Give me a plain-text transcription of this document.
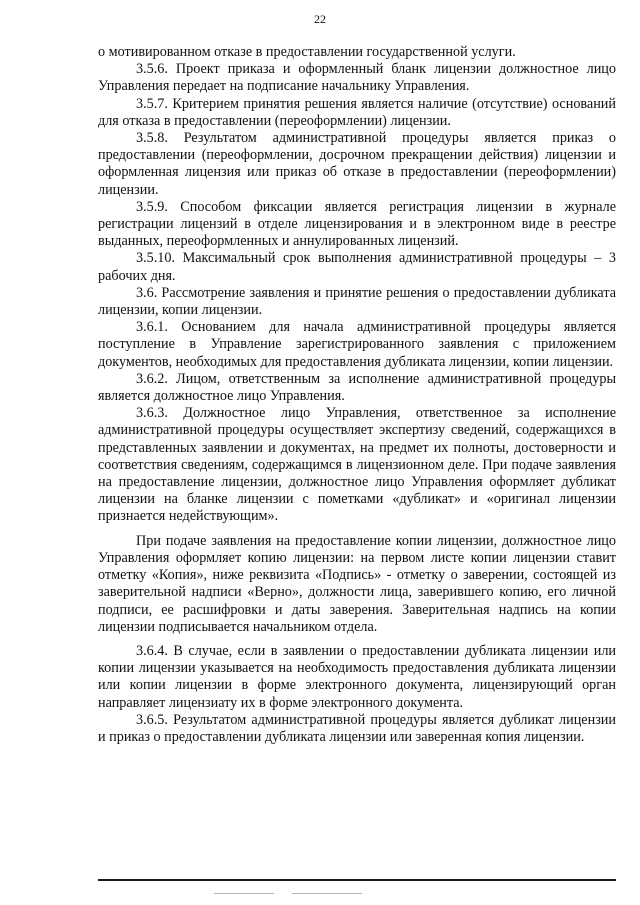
22

о мотивированном отказе в предоставлении государственной услуги.

3.5.6. Проект приказа и оформленный бланк лицензии должностное лицо Управления передает на подписание начальнику Управления.

3.5.7. Критерием принятия решения является наличие (отсутствие) оснований для отказа в предоставлении (переоформлении) лицензии.

3.5.8. Результатом административной процедуры является приказ о предоставлении (переоформлении, досрочном прекращении действия) лицензии и оформленная лицензия или приказ об отказе в предоставлении (переоформлении) лицензии.

3.5.9. Способом фиксации является регистрация лицензии в журнале регистрации лицензий в отделе лицензирования и в электронном виде в реестре выданных, переоформленных и аннулированных лицензий.

3.5.10. Максимальный срок выполнения административной процедуры – 3 рабочих дня.

3.6. Рассмотрение заявления и принятие решения о предоставлении дубликата лицензии, копии лицензии.

3.6.1. Основанием для начала административной процедуры является поступление в Управление зарегистрированного заявления с приложением документов, необходимых для предоставления дубликата лицензии, копии лицензии.

3.6.2. Лицом, ответственным за исполнение административной процедуры является должностное лицо Управления.

3.6.3. Должностное лицо Управления, ответственное за исполнение административной процедуры осуществляет экспертизу сведений, содержащихся в представленных заявлении и документах, на предмет их полноты, достоверности и соответствия сведениям, содержащимся в лицензионном деле. При подаче заявления на предоставление лицензии, должностное лицо Управления оформляет дубликат лицензии на бланке лицензии с пометками «дубликат» и «оригинал лицензии признается недействующим».

При подаче заявления на предоставление копии лицензии, должностное лицо Управления оформляет копию лицензии: на первом листе копии лицензии ставит отметку «Копия», ниже реквизита «Подпись» - отметку о заверении, состоящей из заверительной надписи «Верно», должности лица, заверившего копию, его личной подписи, ее расшифровки и даты заверения. Заверительная надпись на копии лицензии подписывается начальником отдела.

3.6.4. В случае, если в заявлении о предоставлении дубликата лицензии или копии лицензии указывается на необходимость предоставления дубликата лицензии или копии лицензии в форме электронного документа, лицензирующий орган направляет лицензиату их в форме электронного документа.

3.6.5. Результатом административной процедуры является дубликат лицензии и приказ о предоставлении дубликата лицензии или заверенная копия лицензии.
